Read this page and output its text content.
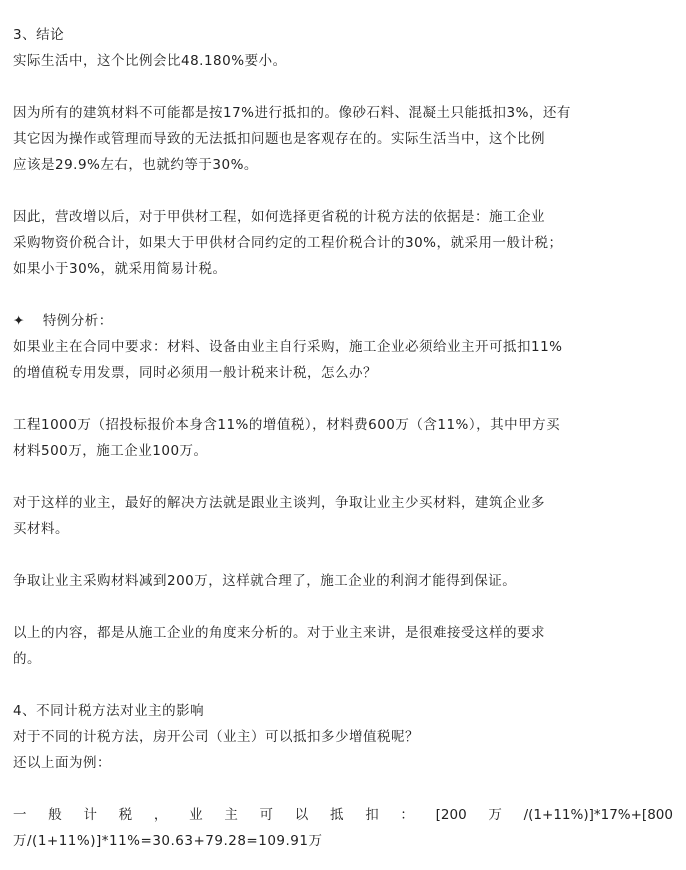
3、结论
实际生活中，这个比例会比48.180%要小。
因为所有的建筑材料不可能都是按17%进行抵扣的。像砂石料、混凝土只能抵扣3%，还有
其它因为操作或管理而导致的无法抵扣问题也是客观存在的。实际生活当中，这个比例
应该是29.9%左右，也就约等于30%。
因此，营改增以后，对于甲供材工程，如何选择更省税的计税方法的依据是：施工企业
采购物资价税合计，如果大于甲供材合同约定的工程价税合计的30%，就采用一般计税；
如果小于30%，就采用简易计税。
✦ 特例分析：
如果业主在合同中要求：材料、设备由业主自行采购，施工企业必须给业主开可抵扣11%
的增值税专用发票，同时必须用一般计税来计税，怎么办？
工程1000万（招投标报价本身含11%的增值税），材料费600万（含11%），其中甲方买
材料500万，施工企业100万。
对于这样的业主，最好的解决方法就是跟业主谈判，争取让业主少买材料，建筑企业多
买材料。
争取让业主采购材料减到200万，这样就合理了，施工企业的利润才能得到保证。
以上的内容，都是从施工企业的角度来分析的。对于业主来讲，是很难接受这样的要求
的。
4、不同计税方法对业主的影响
对于不同的计税方法，房开公司（业主）可以抵扣多少增值税呢？
还以上面为例：
一 般 计 税 ， 业 主 可 以 抵 扣 ： [200 万 /(1+11%)]*17%+[800
万/(1+11%)]*11%=30.63+79.28=109.91万
